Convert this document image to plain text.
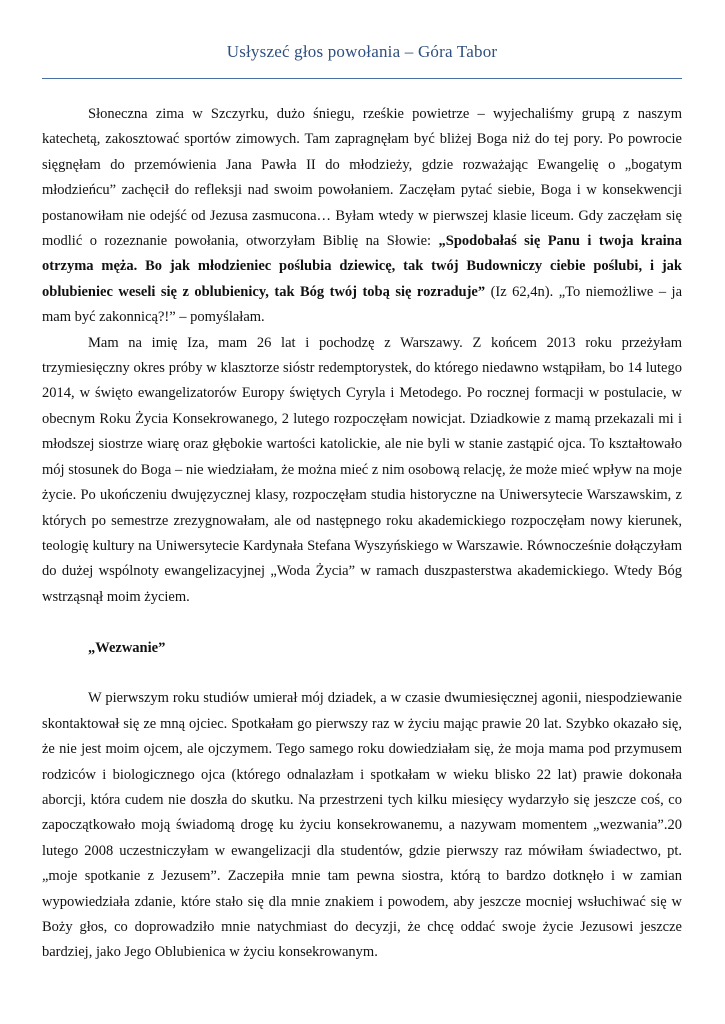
Usłyszeć głos powołania – Góra Tabor

Słoneczna zima w Szczyrku, dużo śniegu, rześkie powietrze – wyjechaliśmy grupą z naszym katechetą, zakosztować sportów zimowych. Tam zapragnęłam być bliżej Boga niż do tej pory. Po powrocie sięgnęłam do przemówienia Jana Pawła II do młodzieży, gdzie rozważając Ewangelię o „bogatym młodzieńcu” zachęcił do refleksji nad swoim powołaniem. Zaczęłam pytać siebie, Boga i w konsekwencji postanowiłam nie odejść od Jezusa zasmucona… Byłam wtedy w pierwszej klasie liceum. Gdy zaczęłam się modlić o rozeznanie powołania, otworzyłam Biblię na Słowie: „Spodobałaś się Panu i twoja kraina otrzyma męża. Bo jak młodzieniec poślubia dziewicę, tak twój Budowniczy ciebie poślubi, i jak oblubieniec weseli się z oblubienicy, tak Bóg twój tobą się rozraduje” (Iz 62,4n). „To niemożliwe – ja mam być zakonnicą?!” – pomyślałam.

Mam na imię Iza, mam 26 lat i pochodzę z Warszawy. Z końcem 2013 roku przeżyłam trzymiesięczny okres próby w klasztorze sióstr redemptorystek, do którego niedawno wstąpiłam, bo 14 lutego 2014, w święto ewangelizatorów Europy świętych Cyryla i Metodego. Po rocznej formacji w postulacie, w obecnym Roku Życia Konsekrowanego, 2 lutego rozpoczęłam nowicjat. Dziadkowie z mamą przekazali mi i młodszej siostrze wiarę oraz głębokie wartości katolickie, ale nie byli w stanie zastąpić ojca. To kształtowało mój stosunek do Boga – nie wiedziałam, że można mieć z nim osobową relację, że może mieć wpływ na moje życie. Po ukończeniu dwujęzycznej klasy, rozpoczęłam studia historyczne na Uniwersytecie Warszawskim, z których po semestrze zrezygnowałam, ale od następnego roku akademickiego rozpoczęłam nowy kierunek, teologię kultury na Uniwersytecie Kardynała Stefana Wyszyńskiego w Warszawie. Równocześnie dołączyłam do dużej wspólnoty ewangelizacyjnej „Woda Życia” w ramach duszpasterstwa akademickiego. Wtedy Bóg wstrząsnął moim życiem.

„Wezwanie”

W pierwszym roku studiów umierał mój dziadek, a w czasie dwumiesięcznej agonii, niespodziewanie skontaktował się ze mną ojciec. Spotkałam go pierwszy raz w życiu mając prawie 20 lat. Szybko okazało się, że nie jest moim ojcem, ale ojczymem. Tego samego roku dowiedziałam się, że moja mama pod przymusem rodziców i biologicznego ojca (którego odnalazłam i spotkałam w wieku blisko 22 lat) prawie dokonała aborcji, która cudem nie doszła do skutku. Na przestrzeni tych kilku miesięcy wydarzyło się jeszcze coś, co zapoczątkowało moją świadomą drogę ku życiu konsekrowanemu, a nazywam momentem „wezwania”.20 lutego 2008 uczestniczyłam w ewangelizacji dla studentów, gdzie pierwszy raz mówiłam świadectwo, pt. „moje spotkanie z Jezusem”. Zaczepiła mnie tam pewna siostra, którą to bardzo dotknęło i w zamian wypowiedziała zdanie, które stało się dla mnie znakiem i powodem, aby jeszcze mocniej wsłuchiwać się w Boży głos, co doprowadziło mnie natychmiast do decyzji, że chcę oddać swoje życie Jezusowi jeszcze bardziej, jako Jego Oblubienica w życiu konsekrowanym.
